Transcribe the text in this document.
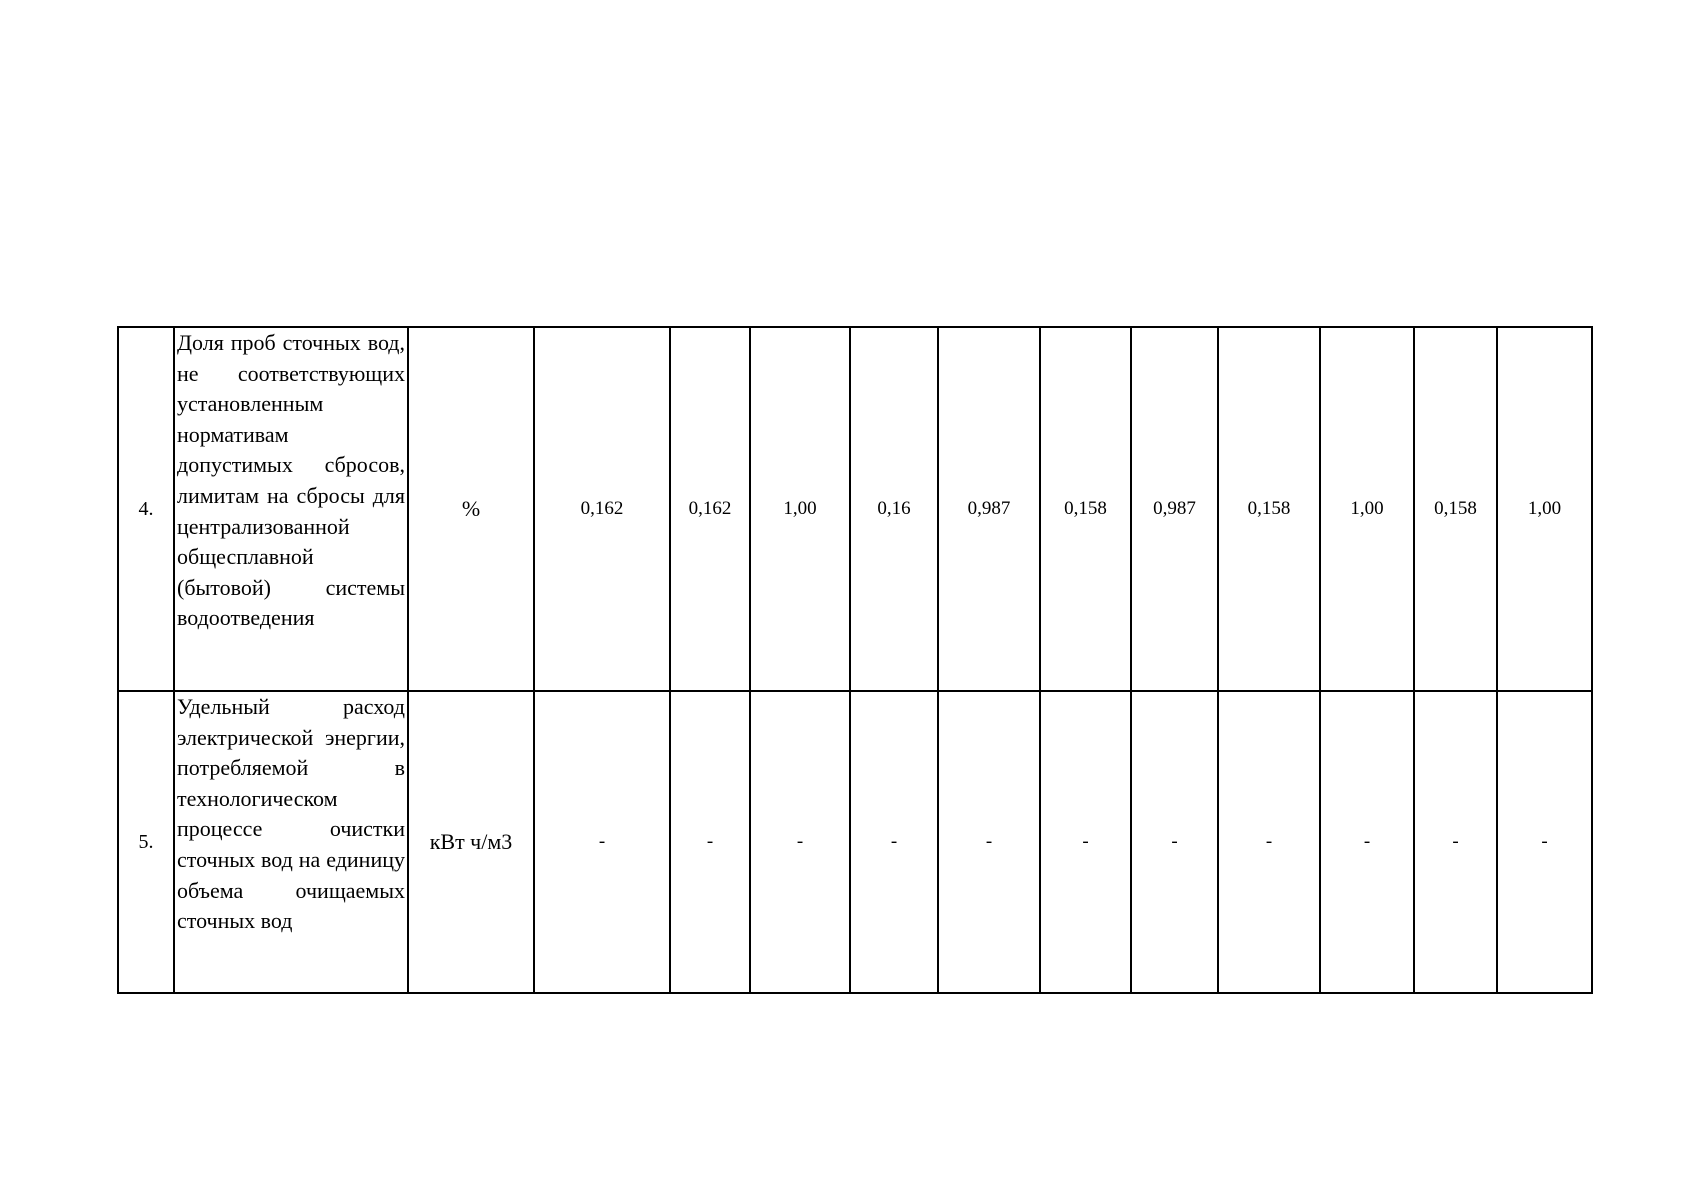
4.	Доля проб сточных вод, не соответствующих установленным нормативам допустимых сбросов, лимитам на сбросы для централизованной общесплавной (бытовой) системы водоотведения	%	0,162	0,162	1,00	0,16	0,987	0,158	0,987	0,158	1,00	0,158	1,00
5.	Удельный расход электрической энергии, потребляемой в технологическом процессе очистки сточных вод на единицу объема очищаемых сточных вод	кВт ч/м3	-	-	-	-	-	-	-	-	-	-	-
